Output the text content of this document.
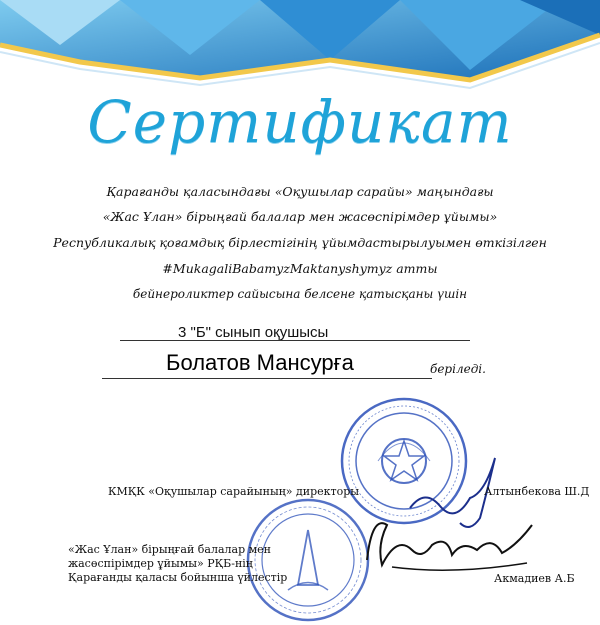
Сертификат
Қарағанды қаласындағы «Оқушылар сарайы» маңындағы
«Жас Ұлан» бірыңғай балалар мен жасөспірімдер ұйымы»
Республикалық қоғамдық бірлестігінің ұйымдастырылуымен өткізілген
#MukagaliBabamyzMaktanyshymyz атты
бейнероликтер сайысына белсене қатысқаны үшін
3 "Б" сынып оқушысы
Болатов Мансурға	беріледі.
КМҚК «Оқушылар сарайының» директоры	Алтынбекова Ш.Д
«Жас Ұлан» бірыңғай балалар мен
жасөспірімдер ұйымы» РҚБ-нің
Қарағанды қаласы бойынша үйлестір	Акмадиев А.Б
